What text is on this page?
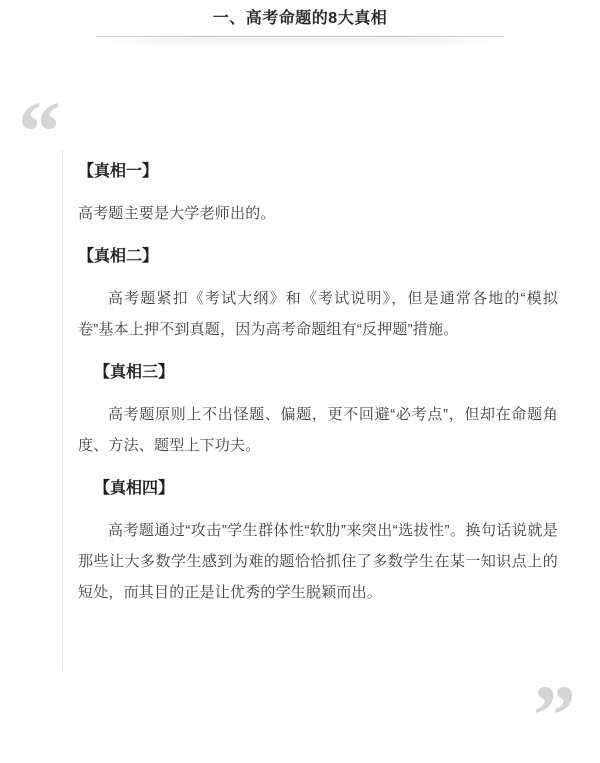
一、高考命题的8大真相
“
”

【真相一】

高考题主要是大学老师出的。

【真相二】

高考题紧扣《考试大纲》和《考试说明》，但是通常各地的“模拟卷”基本上押不到真题，因为高考命题组有“反押题”措施。

【真相三】

高考题原则上不出怪题、偏题，更不回避“必考点”，但却在命题角度、方法、题型上下功夫。

【真相四】

高考题通过“攻击”学生群体性“软肋”来突出“选拔性”。换句话说就是那些让大多数学生感到为难的题恰恰抓住了多数学生在某一知识点上的短处，而其目的正是让优秀的学生脱颖而出。
